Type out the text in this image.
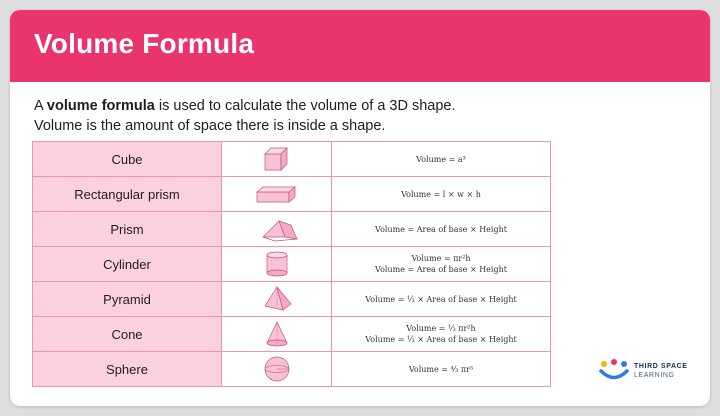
Volume Formula
A volume formula is used to calculate the volume of a 3D shape.
Volume is the amount of space there is inside a shape.
Cube		Volume = a³

Rectangular prism		Volume = l × w × h

Prism		Volume = Area of base × Height

Cylinder		Volume = πr²h
Volume = Area of base × Height

Pyramid		Volume = ⅓ × Area of base × Height

Cone		Volume = ⅓ πr²h
Volume = ⅓ × Area of base × Height

Sphere		Volume = ⁴⁄₃ πr³	THIRD SPACE
LEARNING
